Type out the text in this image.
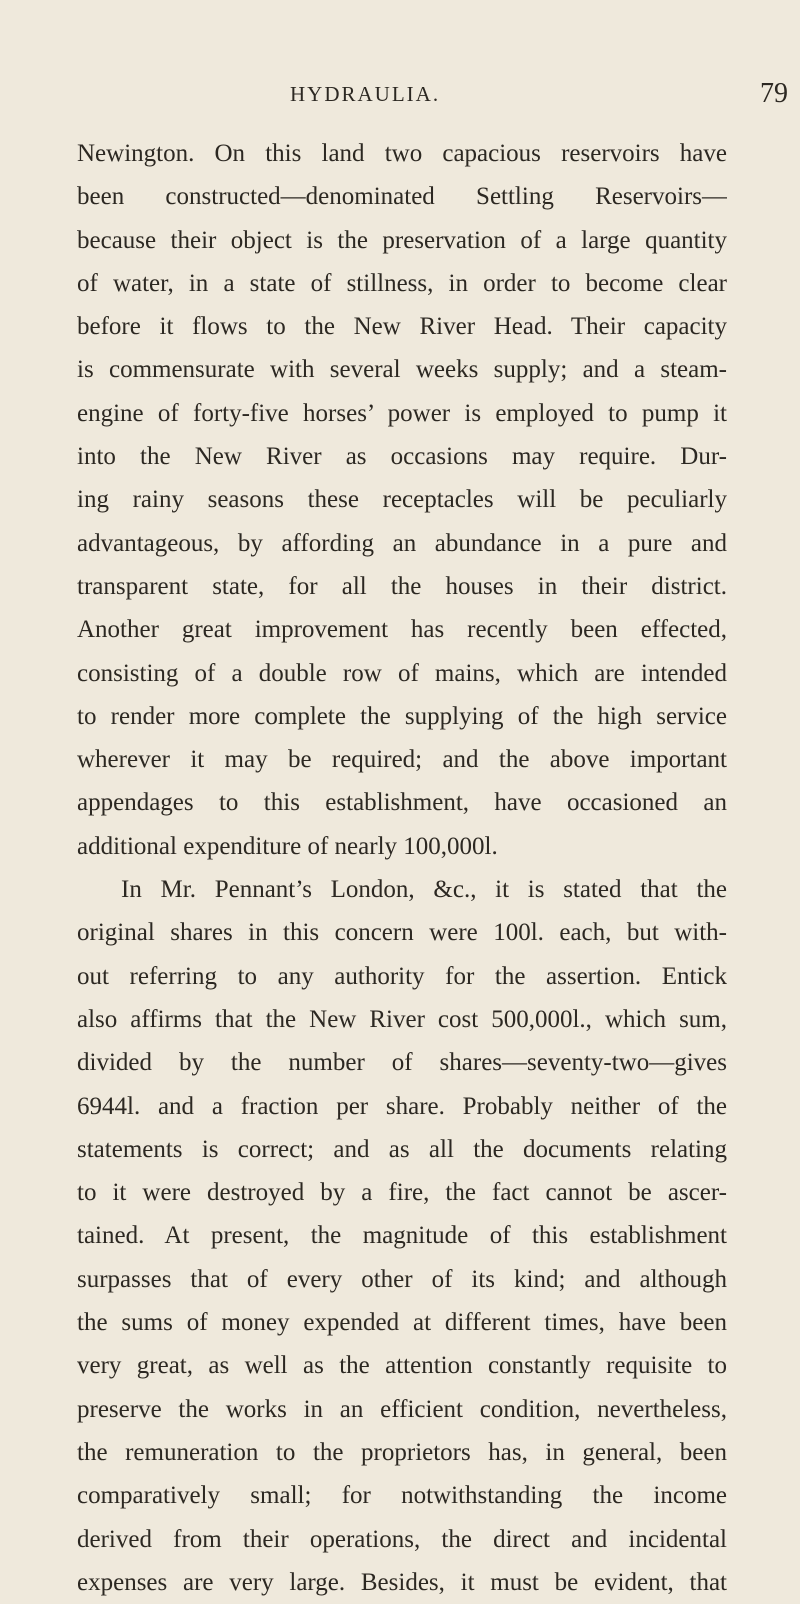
HYDRAULIA.	79
Newington. On this land two capacious reservoirs have
been constructed—denominated Settling Reservoirs—
because their object is the preservation of a large quantity
of water, in a state of stillness, in order to become clear
before it flows to the New River Head. Their capacity
is commensurate with several weeks supply; and a steam-
engine of forty-five horses’ power is employed to pump it
into the New River as occasions may require. Dur-
ing rainy seasons these receptacles will be peculiarly
advantageous, by affording an abundance in a pure and
transparent state, for all the houses in their district.
Another great improvement has recently been effected,
consisting of a double row of mains, which are intended
to render more complete the supplying of the high service
wherever it may be required; and the above important
appendages to this establishment, have occasioned an
additional expenditure of nearly 100,000l.
In Mr. Pennant’s London, &c., it is stated that the
original shares in this concern were 100l. each, but with-
out referring to any authority for the assertion. Entick
also affirms that the New River cost 500,000l., which sum,
divided by the number of shares—seventy-two—gives
6944l. and a fraction per share. Probably neither of the
statements is correct; and as all the documents relating
to it were destroyed by a fire, the fact cannot be ascer-
tained. At present, the magnitude of this establishment
surpasses that of every other of its kind; and although
the sums of money expended at different times, have been
very great, as well as the attention constantly requisite to
preserve the works in an efficient condition, nevertheless,
the remuneration to the proprietors has, in general, been
comparatively small; for notwithstanding the income
derived from their operations, the direct and incidental
expenses are very large. Besides, it must be evident, that
